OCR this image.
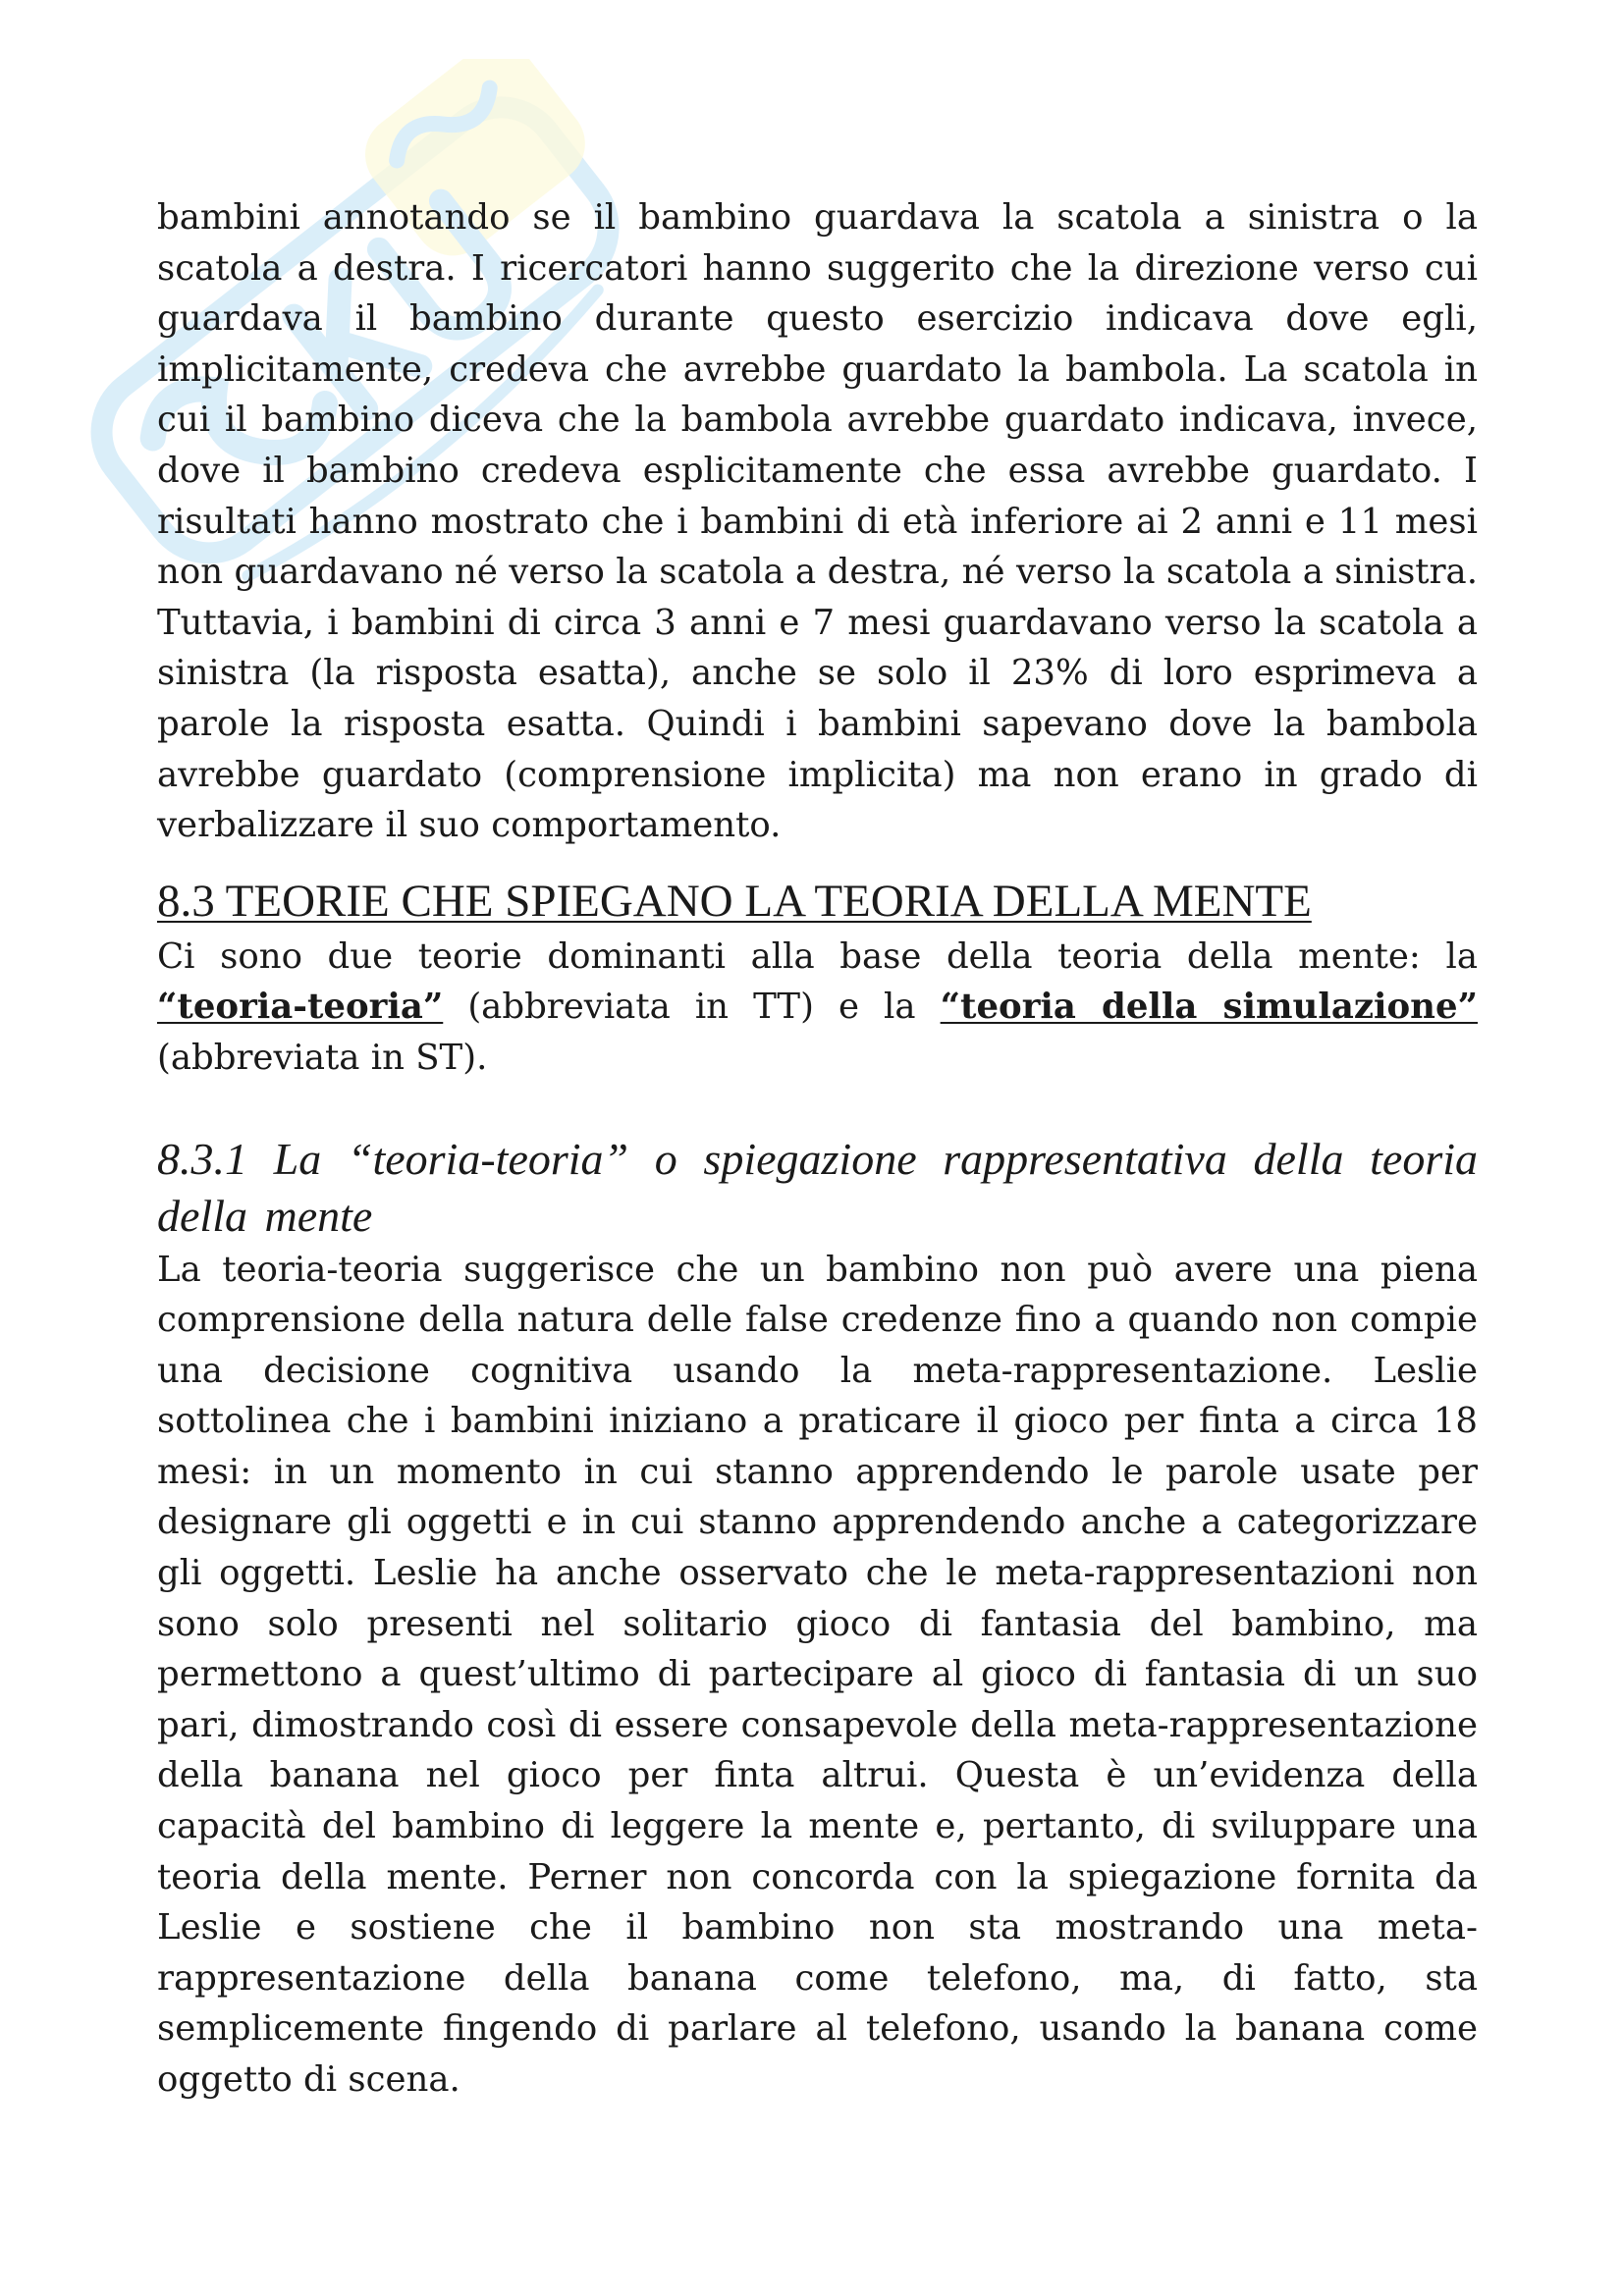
bambini annotando se il bambino guardava la scatola a sinistra o la scatola a destra. I ricercatori hanno suggerito che la direzione verso cui guardava il bambino durante questo esercizio indicava dove egli, implicitamente, credeva che avrebbe guardato la bambola. La scatola in cui il bambino diceva che la bambola avrebbe guardato indicava, invece, dove il bambino credeva esplicitamente che essa avrebbe guardato. I risultati hanno mostrato che i bambini di età inferiore ai 2 anni e 11 mesi non guardavano né verso la scatola a destra, né verso la scatola a sinistra. Tuttavia, i bambini di circa 3 anni e 7 mesi guardavano verso la scatola a sinistra (la risposta esatta), anche se solo il 23% di loro esprimeva a parole la risposta esatta. Quindi i bambini sapevano dove la bambola avrebbe guardato (comprensione implicita) ma non erano in grado di verbalizzare il suo comportamento.

8.3 TEORIE CHE SPIEGANO LA TEORIA DELLA MENTE

Ci sono due teorie dominanti alla base della teoria della mente: la “teoria-teoria” (abbreviata in TT) e la “teoria della simulazione” (abbreviata in ST).

8.3.1 La “teoria-teoria” o spiegazione rappresentativa della teoria della mente

La teoria-teoria suggerisce che un bambino non può avere una piena comprensione della natura delle false credenze fino a quando non compie una decisione cognitiva usando la meta-rappresentazione. Leslie sottolinea che i bambini iniziano a praticare il gioco per finta a circa 18 mesi: in un momento in cui stanno apprendendo le parole usate per designare gli oggetti e in cui stanno apprendendo anche a categorizzare gli oggetti. Leslie ha anche osservato che le meta-rappresentazioni non sono solo presenti nel solitario gioco di fantasia del bambino, ma permettono a quest’ultimo di partecipare al gioco di fantasia di un suo pari, dimostrando così di essere consapevole della meta-rappresentazione della banana nel gioco per finta altrui. Questa è un’evidenza della capacità del bambino di leggere la mente e, pertanto, di sviluppare una teoria della mente. Perner non concorda con la spiegazione fornita da Leslie e sostiene che il bambino non sta mostrando una meta-rappresentazione della banana come telefono, ma, di fatto, sta semplicemente fingendo di parlare al telefono, usando la banana come oggetto di scena.
